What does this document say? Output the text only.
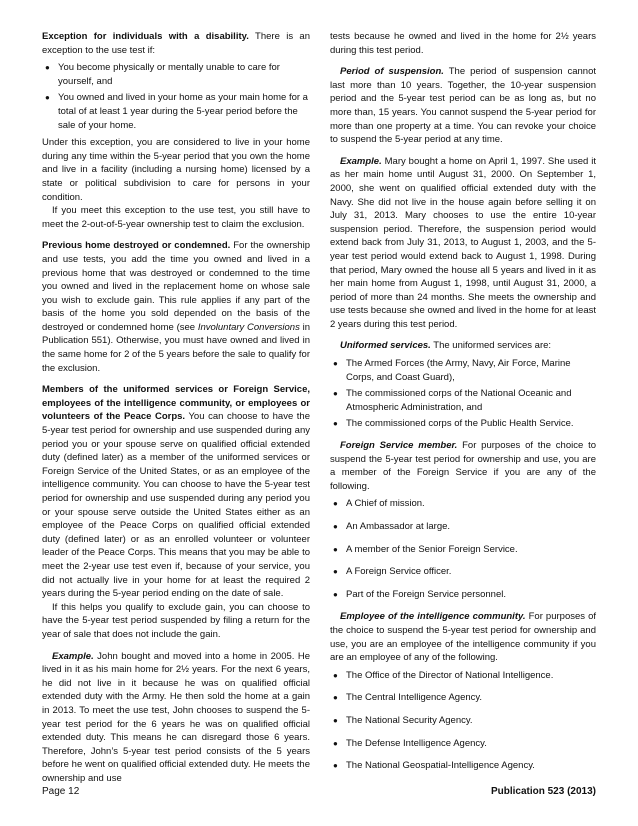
Exception for individuals with a disability. There is an exception to the use test if:

● You become physically or mentally unable to care for yourself, and
● You owned and lived in your home as your main home for a total of at least 1 year during the 5-year period before the sale of your home.

Under this exception, you are considered to live in your home during any time within the 5-year period that you own the home and live in a facility (including a nursing home) licensed by a state or political subdivision to care for persons in your condition.

If you meet this exception to the use test, you still have to meet the 2-out-of-5-year ownership test to claim the exclusion.

Previous home destroyed or condemned. For the ownership and use tests, you add the time you owned and lived in a previous home that was destroyed or condemned to the time you owned and lived in the replacement home on whose sale you wish to exclude gain. This rule applies if any part of the basis of the home you sold depended on the basis of the destroyed or condemned home (see Involuntary Conversions in Publication 551). Otherwise, you must have owned and lived in the same home for 2 of the 5 years before the sale to qualify for the exclusion.

Members of the uniformed services or Foreign Service, employees of the intelligence community, or employees or volunteers of the Peace Corps. You can choose to have the 5-year test period for ownership and use suspended during any period you or your spouse serve on qualified official extended duty (defined later) as a member of the uniformed services or Foreign Service of the United States, or as an employee of the intelligence community. You can choose to have the 5-year test period for ownership and use suspended during any period you or your spouse serve outside the United States either as an employee of the Peace Corps on qualified official extended duty (defined later) or as an enrolled volunteer or volunteer leader of the Peace Corps. This means that you may be able to meet the 2-year use test even if, because of your service, you did not actually live in your home for at least the required 2 years during the 5-year period ending on the date of sale.

If this helps you qualify to exclude gain, you can choose to have the 5-year test period suspended by filing a return for the year of sale that does not include the gain.

Example. John bought and moved into a home in 2005. He lived in it as his main home for 2½ years. For the next 6 years, he did not live in it because he was on qualified official extended duty with the Army. He then sold the home at a gain in 2013. To meet the use test, John chooses to suspend the 5-year test period for the 6 years he was on qualified official extended duty. This means he can disregard those 6 years. Therefore, John’s 5-year test period consists of the 5 years before he went on qualified official extended duty. He meets the ownership and use

tests because he owned and lived in the home for 2½ years during this test period.

Period of suspension. The period of suspension cannot last more than 10 years. Together, the 10-year suspension period and the 5-year test period can be as long as, but no more than, 15 years. You cannot suspend the 5-year period for more than one property at a time. You can revoke your choice to suspend the 5-year period at any time.

Example. Mary bought a home on April 1, 1997. She used it as her main home until August 31, 2000. On September 1, 2000, she went on qualified official extended duty with the Navy. She did not live in the house again before selling it on July 31, 2013. Mary chooses to use the entire 10-year suspension period. Therefore, the suspension period would extend back from July 31, 2013, to August 1, 2003, and the 5-year test period would extend back to August 1, 1998. During that period, Mary owned the house all 5 years and lived in it as her main home from August 1, 1998, until August 31, 2000, a period of more than 24 months. She meets the ownership and use tests because she owned and lived in the home for at least 2 years during this test period.

Uniformed services. The uniformed services are:

● The Armed Forces (the Army, Navy, Air Force, Marine Corps, and Coast Guard),
● The commissioned corps of the National Oceanic and Atmospheric Administration, and
● The commissioned corps of the Public Health Service.

Foreign Service member. For purposes of the choice to suspend the 5-year test period for ownership and use, you are a member of the Foreign Service if you are any of the following.

● A Chief of mission.
● An Ambassador at large.
● A member of the Senior Foreign Service.
● A Foreign Service officer.
● Part of the Foreign Service personnel.

Employee of the intelligence community. For purposes of the choice to suspend the 5-year test period for ownership and use, you are an employee of the intelligence community if you are an employee of any of the following.

● The Office of the Director of National Intelligence.
● The Central Intelligence Agency.
● The National Security Agency.
● The Defense Intelligence Agency.
● The National Geospatial-Intelligence Agency.
Page 12	Publication 523 (2013)
